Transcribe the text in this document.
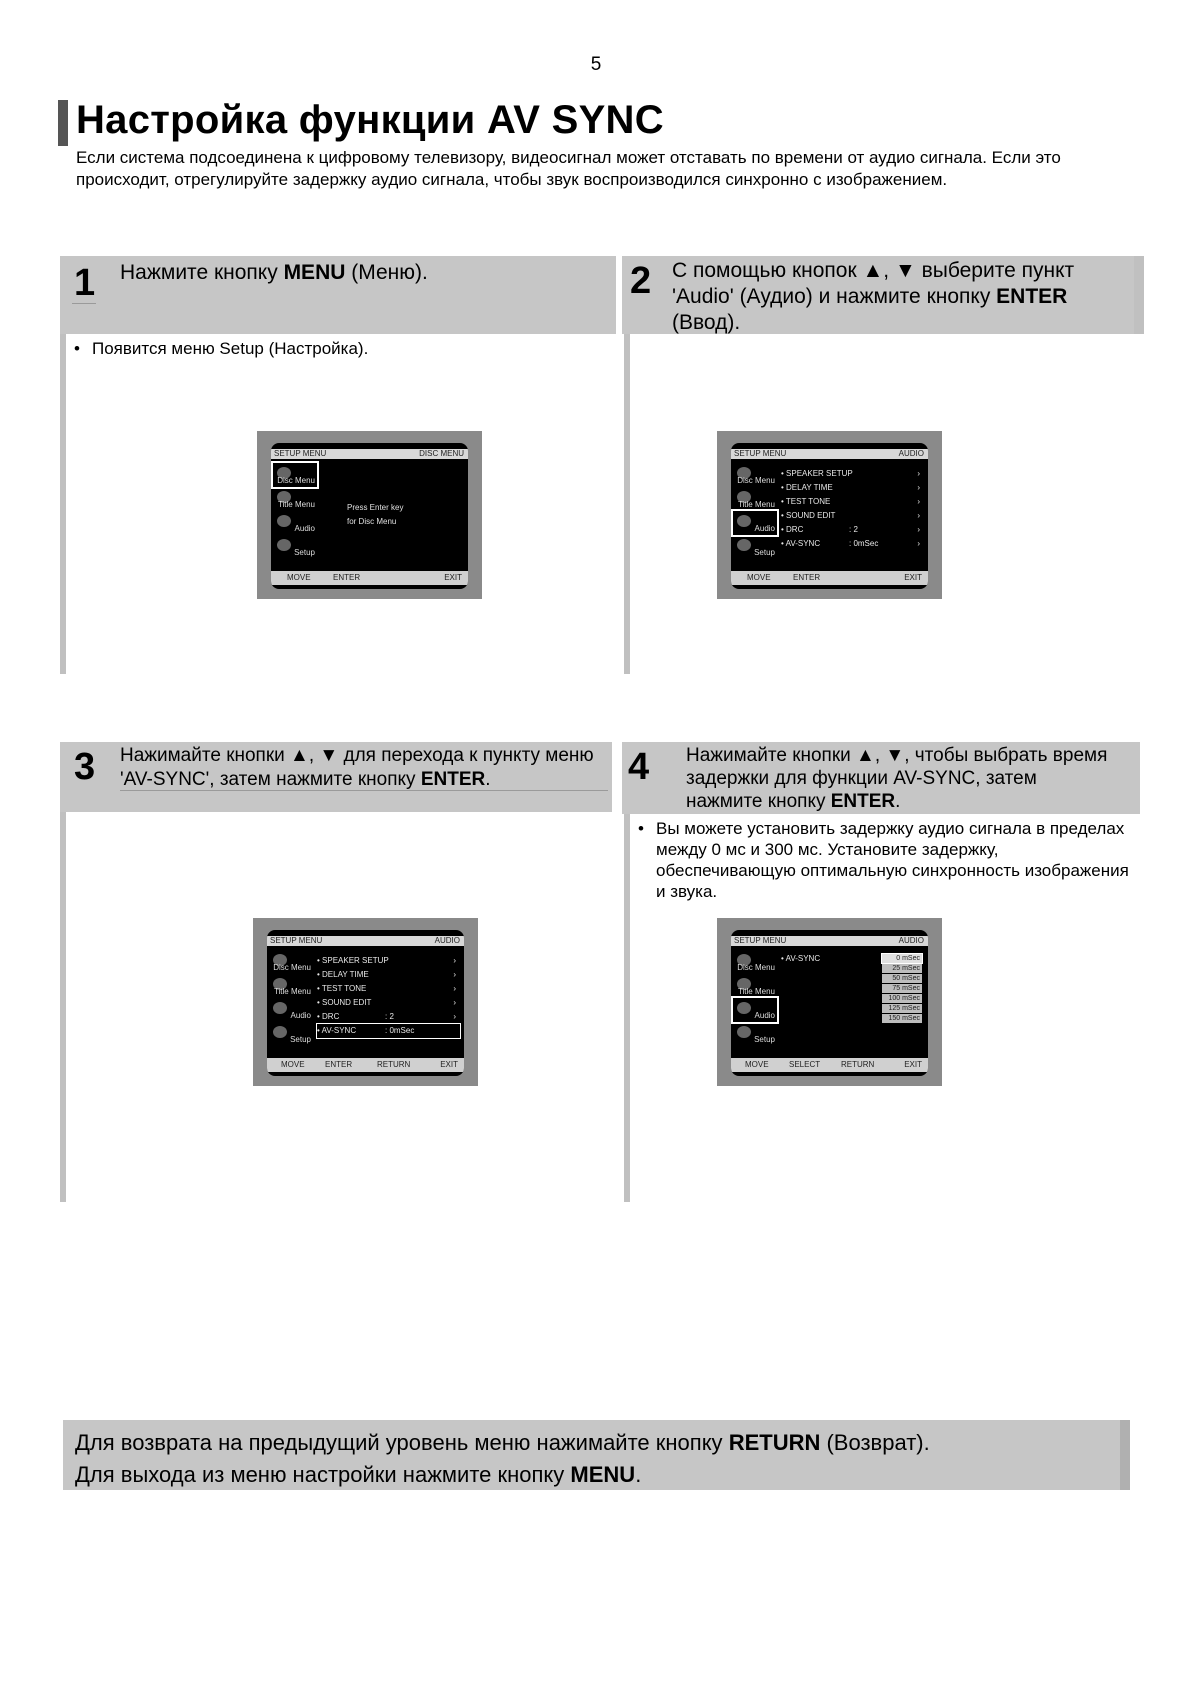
5
Настройка функции AV SYNC
Если система подсоединена к цифровому телевизору, видеосигнал может отставать по времени от аудио сигнала. Если это происходит, отрегулируйте задержку аудио сигнала, чтобы звук воспроизводился синхронно с изображением.
1 Нажмите кнопку MENU (Меню).
• Появится меню Setup (Настройка).
SETUP MENU	DISC MENU
Disc Menu
Title Menu
Audio
Setup
Press Enter key
for Disc Menu
MOVE	ENTER	EXIT
2 С помощью кнопок ▲, ▼ выберите пункт 'Audio' (Аудио) и нажмите кнопку ENTER (Ввод).
SETUP MENU	AUDIO
Disc Menu
Title Menu
Audio
Setup
• SPEAKER SETUP	›
• DELAY TIME	›
• TEST TONE	›
• SOUND EDIT	›
• DRC	: 2	›
• AV-SYNC	: 0mSec	›
MOVE	ENTER	EXIT
3 Нажимайте кнопки ▲, ▼ для перехода к пункту меню 'AV-SYNC', затем нажмите кнопку ENTER.
SETUP MENU	AUDIO
Disc Menu
Title Menu
Audio
Setup
• SPEAKER SETUP	›
• DELAY TIME	›
• TEST TONE	›
• SOUND EDIT	›
• DRC	: 2	›
• AV-SYNC	: 0mSec
MOVE	ENTER	RETURN	EXIT
4 Нажимайте кнопки ▲, ▼, чтобы выбрать время задержки для функции AV-SYNC, затем нажмите кнопку ENTER.
• Вы можете установить задержку аудио сигнала в пределах между 0 мс и 300 мс. Установите задержку, обеспечивающую оптимальную синхронность изображения и звука.
SETUP MENU	AUDIO
Disc Menu
Title Menu
Audio
Setup
• AV-SYNC	0 mSec
25 mSec
50 mSec
75 mSec
100 mSec
125 mSec
150 mSec
MOVE	SELECT	RETURN	EXIT
Для возврата на предыдущий уровень меню нажимайте кнопку RETURN (Возврат).
Для выхода из меню настройки нажмите кнопку MENU.
